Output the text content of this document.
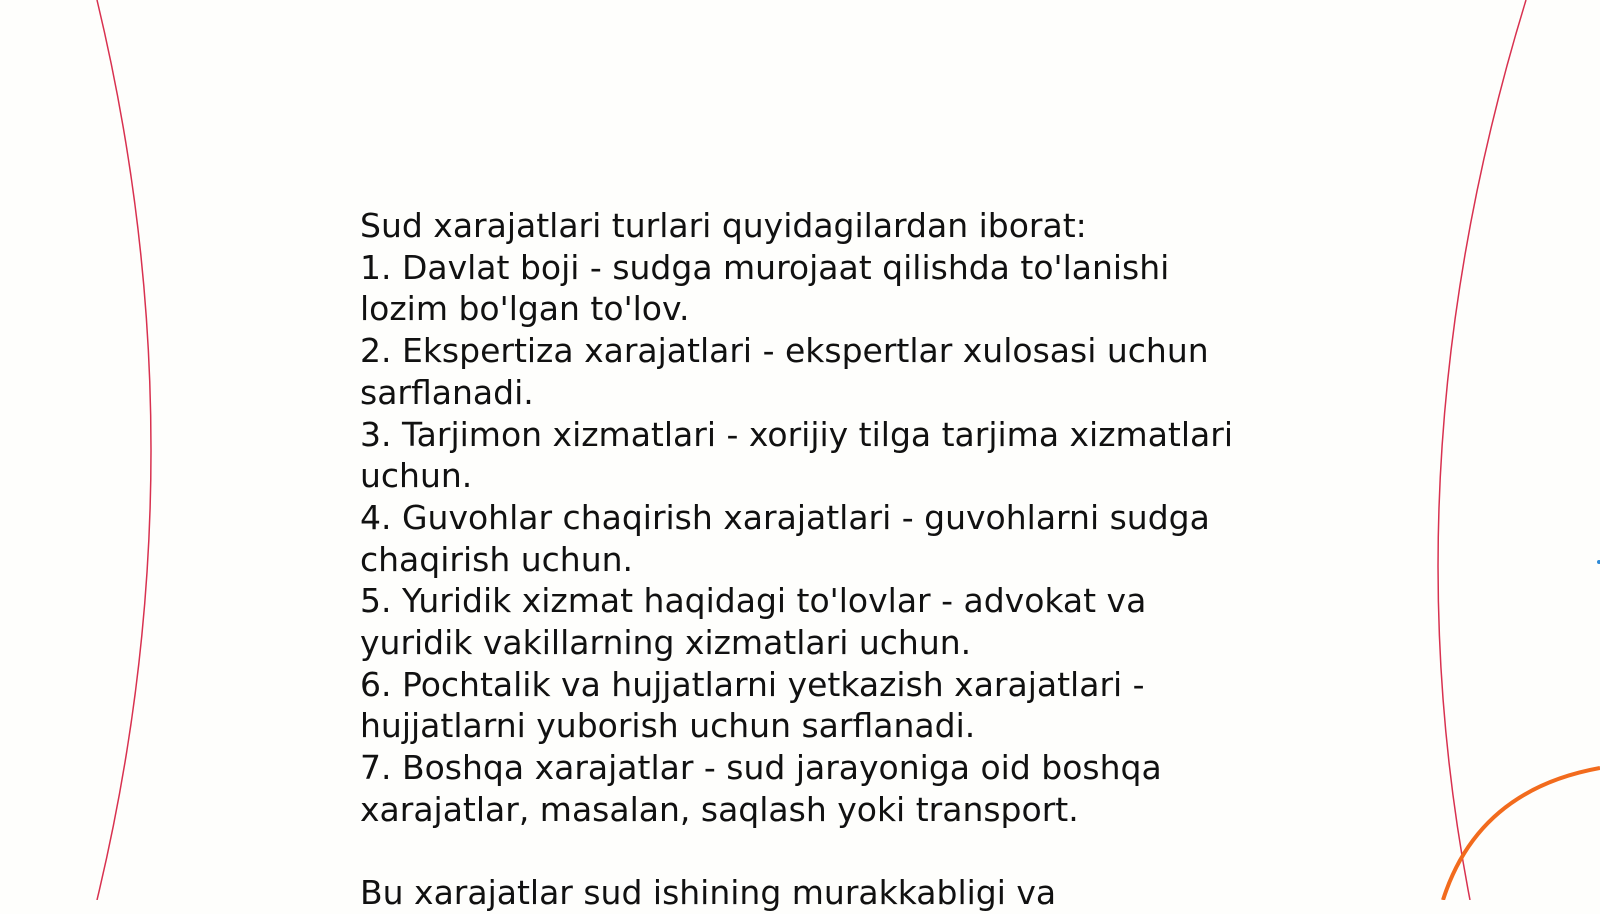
Sud xarajatlari turlari quyidagilardan iborat:

1. Davlat boji - sudga murojaat qilishda to'lanishi lozim bo'lgan to'lov.

2. Ekspertiza xarajatlari - ekspertlar xulosasi uchun sarflanadi.

3. Tarjimon xizmatlari - xorijiy tilga tarjima xizmatlari uchun.

4. Guvohlar chaqirish xarajatlari - guvohlarni sudga chaqirish uchun.

5. Yuridik xizmat haqidagi to'lovlar - advokat va yuridik vakillarning xizmatlari uchun.

6. Pochtalik va hujjatlarni yetkazish xarajatlari - hujjatlarni yuborish uchun sarflanadi.

7. Boshqa xarajatlar - sud jarayoniga oid boshqa xarajatlar, masalan, saqlash yoki transport.

Bu xarajatlar sud ishining murakkabligi va
